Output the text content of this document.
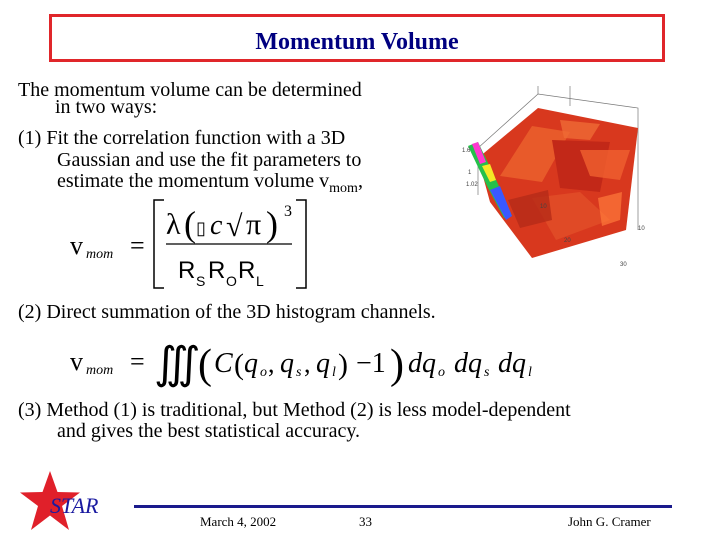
Momentum Volume
The momentum volume can be determined
in two ways:
(1) Fit the correlation function with a 3D
Gaussian and use the fit parameters to
estimate the momentum volume $v_{mom}$,
1.6
1
1.02
10
20
10
30
v mom =
λ ( ▯ c √ π ) 3
R S R O R L
(2) Direct summation of the 3D histogram channels.
v mom = ∭
( C ( q o , q s , q l ) −1 ) d q o d q s d q l
(3) Method (1) is traditional, but Method (2) is less model-dependent
and gives the best statistical accuracy.
STAR
March 4, 2002	33	John G. Cramer
